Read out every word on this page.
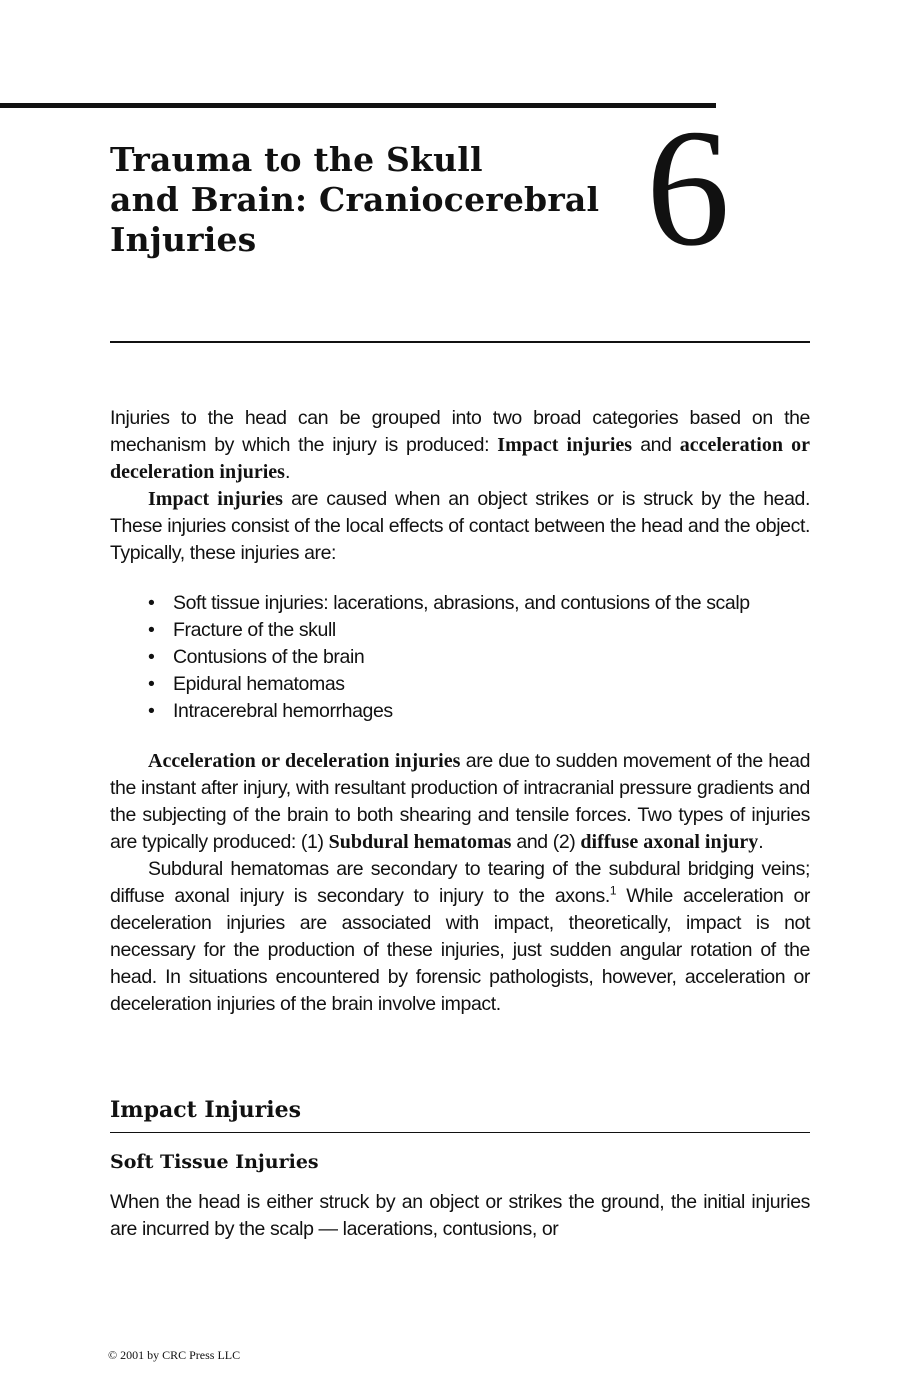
Trauma to the Skull
and Brain: Craniocerebral
Injuries	6

Injuries to the head can be grouped into two broad categories based on the mechanism by which the injury is produced: Impact injuries and acceleration or deceleration injuries.

Impact injuries are caused when an object strikes or is struck by the head. These injuries consist of the local effects of contact between the head and the object. Typically, these injuries are:

• Soft tissue injuries: lacerations, abrasions, and contusions of the scalp
• Fracture of the skull
• Contusions of the brain
• Epidural hematomas
• Intracerebral hemorrhages

Acceleration or deceleration injuries are due to sudden movement of the head the instant after injury, with resultant production of intracranial pressure gradients and the subjecting of the brain to both shearing and tensile forces. Two types of injuries are typically produced: (1) Subdural hematomas and (2) diffuse axonal injury.

Subdural hematomas are secondary to tearing of the subdural bridging veins; diffuse axonal injury is secondary to injury to the axons.$^1$ While acceleration or deceleration injuries are associated with impact, theoretically, impact is not necessary for the production of these injuries, just sudden angular rotation of the head. In situations encountered by forensic pathologists, however, acceleration or deceleration injuries of the brain involve impact.

Impact Injuries
Soft Tissue Injuries

When the head is either struck by an object or strikes the ground, the initial injuries are incurred by the scalp — lacerations, contusions, or

© 2001 by CRC Press LLC
